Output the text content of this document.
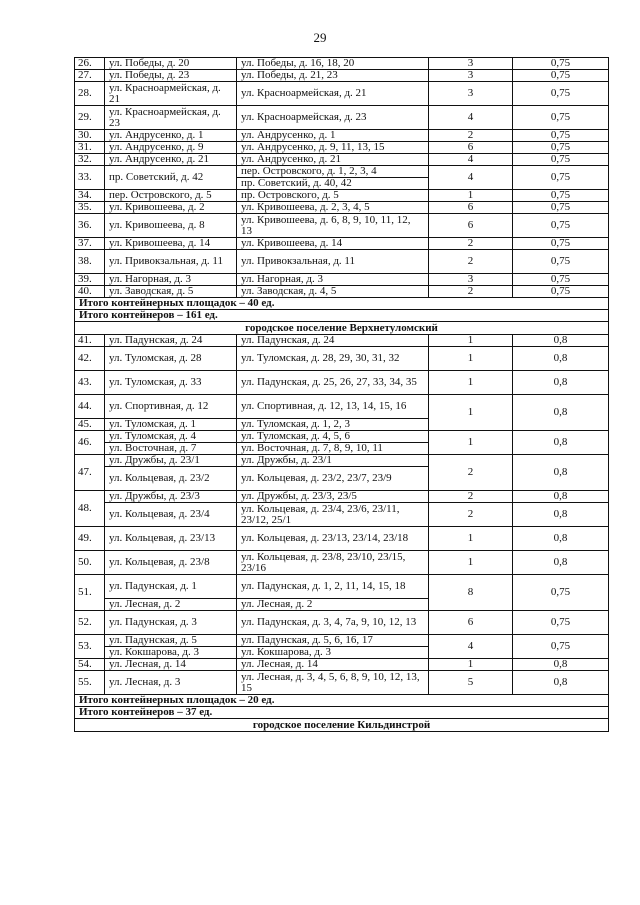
29
26.	ул. Победы, д. 20	ул. Победы, д. 16, 18, 20	3	0,75
27.	ул. Победы, д. 23	ул. Победы, д. 21, 23	3	0,75
28.	ул. Красноармейская, д. 21	ул. Красноармейская, д. 21	3	0,75
29.	ул. Красноармейская, д. 23	ул. Красноармейская, д. 23	4	0,75
30.	ул. Андрусенко, д. 1	ул. Андрусенко, д. 1	2	0,75
31.	ул. Андрусенко, д. 9	ул. Андрусенко, д. 9, 11, 13, 15	6	0,75
32.	ул. Андрусенко, д. 21	ул. Андрусенко, д. 21	4	0,75
33.	пр. Советский, д. 42	пер. Островского, д. 1, 2, 3, 4	4	0,75
		пр. Советский, д. 40, 42		
34.	пер. Островского, д. 5	пр. Островского, д. 5	1	0,75
35.	ул. Кривошеева, д. 2	ул. Кривошеева, д. 2, 3, 4, 5	6	0,75
36.	ул. Кривошеева, д. 8	ул. Кривошеева, д. 6, 8, 9, 10, 11, 12, 13	6	0,75
37.	ул. Кривошеева, д. 14	ул. Кривошеева, д. 14	2	0,75
38.	ул. Привокзальная, д. 11	ул. Привокзальная, д. 11	2	0,75
39.	ул. Нагорная, д. 3	ул. Нагорная, д. 3	3	0,75
40.	ул. Заводская, д. 5	ул. Заводская, д. 4, 5	2	0,75
Итого контейнерных площадок – 40 ед.				
Итого контейнеров – 161 ед.				
городское поселение Верхнетуломский				
41.	ул. Падунская, д. 24	ул. Падунская, д. 24	1	0,8
42.	ул. Туломская, д. 28	ул. Туломская, д. 28, 29, 30, 31, 32	1	0,8
43.	ул. Туломская, д. 33	ул. Падунская, д. 25, 26, 27, 33, 34, 35	1	0,8
44.	ул. Спортивная, д. 12	ул. Спортивная, д. 12, 13, 14, 15, 16	1	0,8
45.	ул. Туломская, д. 1	ул. Туломская, д. 1, 2, 3		
46.	ул. Туломская, д. 4	ул. Туломская, д. 4, 5, 6	1	0,8
	ул. Восточная, д. 7	ул. Восточная, д. 7, 8, 9, 10, 11		
47.	ул. Дружбы, д. 23/1	ул. Дружбы, д. 23/1	2	0,8
	ул. Кольцевая, д. 23/2	ул. Кольцевая, д. 23/2, 23/7, 23/9		
48.	ул. Дружбы, д. 23/3	ул. Дружбы, д. 23/3, 23/5	2	0,8
	ул. Кольцевая, д. 23/4	ул. Кольцевая, д. 23/4, 23/6, 23/11, 23/12, 25/1	2	0,8
49.	ул. Кольцевая, д. 23/13	ул. Кольцевая, д. 23/13, 23/14, 23/18	1	0,8
50.	ул. Кольцевая, д. 23/8	ул. Кольцевая, д. 23/8, 23/10, 23/15, 23/16	1	0,8
51.	ул. Падунская, д. 1	ул. Падунская, д. 1, 2, 11, 14, 15, 18	8	0,75
	ул. Лесная, д. 2	ул. Лесная, д. 2		
52.	ул. Падунская, д. 3	ул. Падунская, д. 3, 4, 7а, 9, 10, 12, 13	6	0,75
53.	ул. Падунская, д. 5	ул. Падунская, д. 5, 6, 16, 17	4	0,75
	ул. Кокшарова, д. 3	ул. Кокшарова, д. 3		
54.	ул. Лесная, д. 14	ул. Лесная, д. 14	1	0,8
55.	ул. Лесная, д. 3	ул. Лесная, д. 3, 4, 5, 6, 8, 9, 10, 12, 13, 15	5	0,8
Итого контейнерных площадок – 20 ед.				
Итого контейнеров – 37 ед.				
городское поселение Кильдинстрой				
